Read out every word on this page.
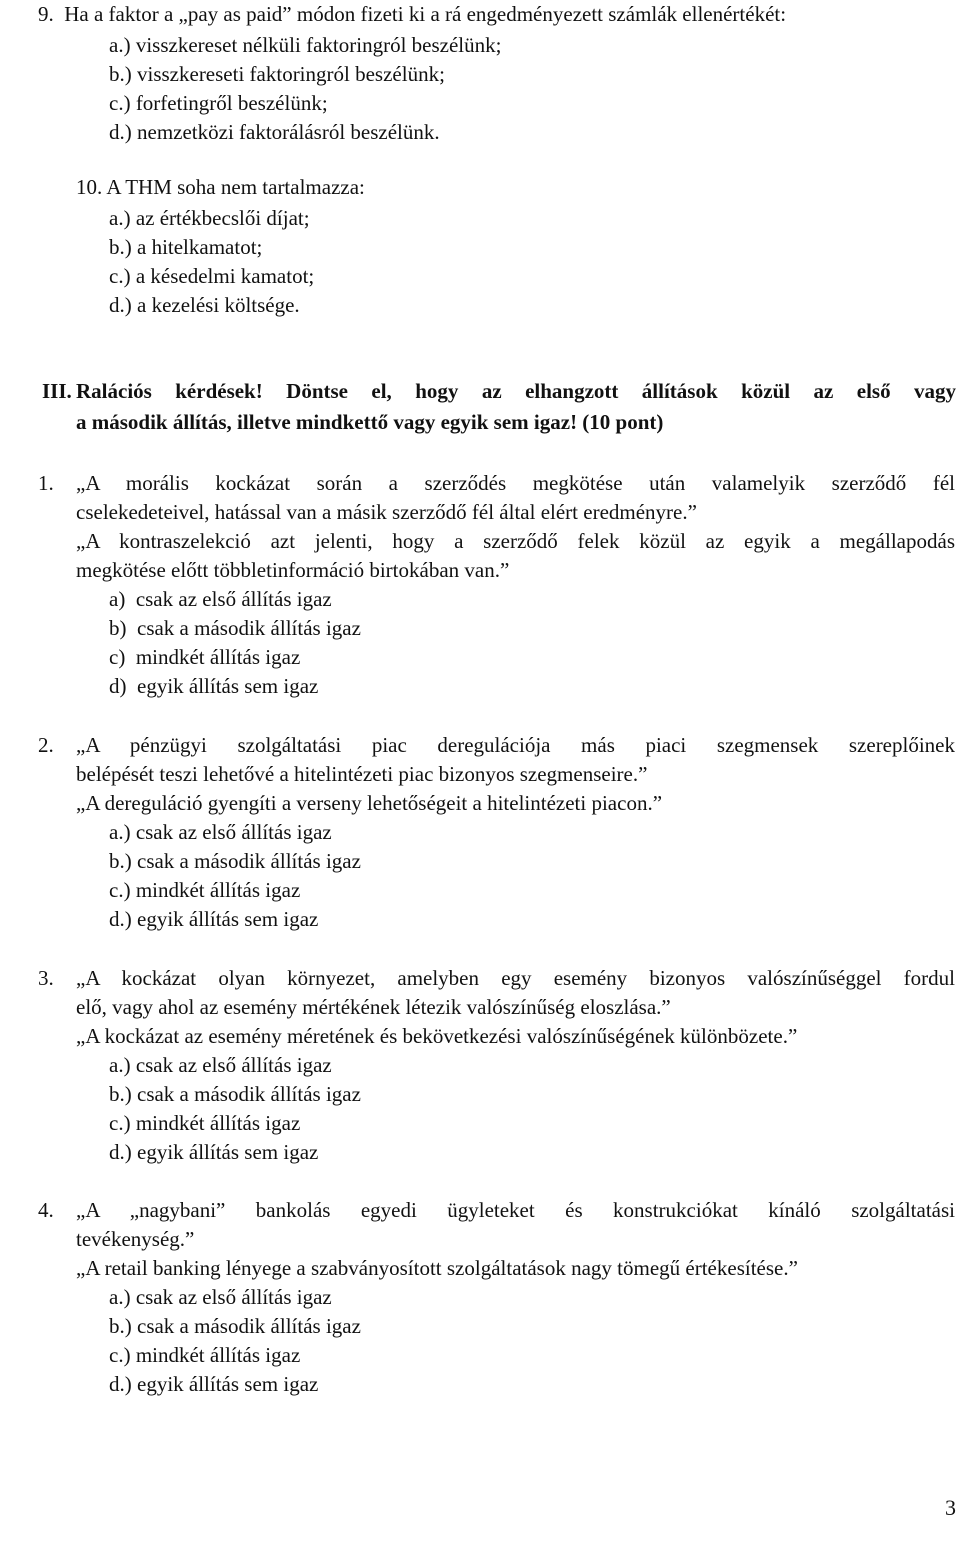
9.  Ha a faktor a „pay as paid” módon fizeti ki a rá engedményezett számlák ellenértékét:
a.) visszkereset nélküli faktoringról beszélünk;
b.) visszkereseti faktoringról beszélünk;
c.) forfetingről beszélünk;
d.) nemzetközi faktorálásról beszélünk.
10. A THM soha nem tartalmazza:
a.) az értékbecslői díjat;
b.) a hitelkamatot;
c.) a késedelmi kamatot;
d.) a kezelési költsége.
III. Ralációs kérdések! Döntse el, hogy az elhangzott állítások közül az első vagy
a második állítás, illetve mindkettő vagy egyik sem igaz! (10 pont)
1. „A morális kockázat során a szerződés megkötése után valamelyik szerződő fél
cselekedeteivel, hatással van a másik szerződő fél által elért eredményre.”
„A kontraszelekció azt jelenti, hogy a szerződő felek közül az egyik a megállapodás
megkötése előtt többletinformáció birtokában van.”
a)  csak az első állítás igaz
b)  csak a második állítás igaz
c)  mindkét állítás igaz
d)  egyik állítás sem igaz
2. „A pénzügyi szolgáltatási piac deregulációja más piaci szegmensek szereplőinek
belépését teszi lehetővé a hitelintézeti piac bizonyos szegmenseire.”
„A dereguláció gyengíti a verseny lehetőségeit a hitelintézeti piacon.”
a.) csak az első állítás igaz
b.) csak a második állítás igaz
c.) mindkét állítás igaz
d.) egyik állítás sem igaz
3. „A kockázat olyan környezet, amelyben egy esemény bizonyos valószínűséggel fordul
elő, vagy ahol az esemény mértékének létezik valószínűség eloszlása.”
„A kockázat az esemény méretének és bekövetkezési valószínűségének különbözete.”
a.) csak az első állítás igaz
b.) csak a második állítás igaz
c.) mindkét állítás igaz
d.) egyik állítás sem igaz
4. „A „nagybani” bankolás egyedi ügyleteket és konstrukciókat kínáló szolgáltatási
tevékenység.”
„A retail banking lényege a szabványosított szolgáltatások nagy tömegű értékesítése.”
a.) csak az első állítás igaz
b.) csak a második állítás igaz
c.) mindkét állítás igaz
d.) egyik állítás sem igaz
3
